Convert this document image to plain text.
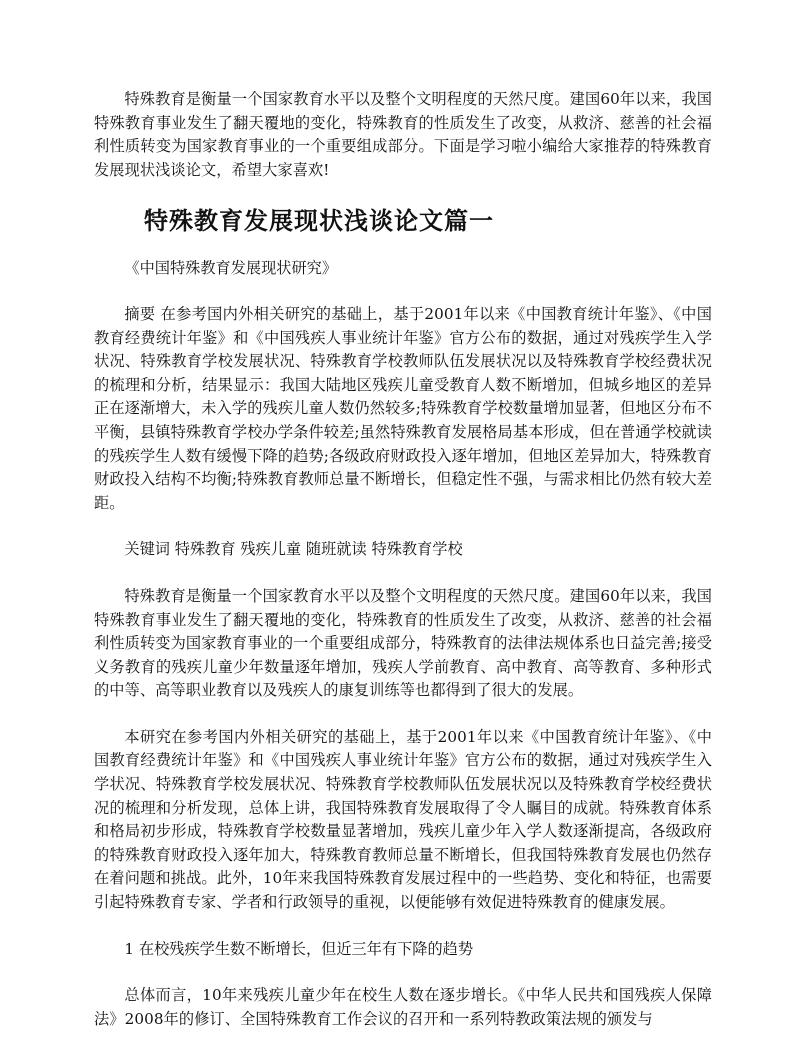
特殊教育是衡量一个国家教育水平以及整个文明程度的天然尺度。建国60年以来，我国特殊教育事业发生了翻天覆地的变化，特殊教育的性质发生了改变，从救济、慈善的社会福利性质转变为国家教育事业的一个重要组成部分。下面是学习啦小编给大家推荐的特殊教育发展现状浅谈论文，希望大家喜欢!

特殊教育发展现状浅谈论文篇一

《中国特殊教育发展现状研究》

摘要 在参考国内外相关研究的基础上，基于2001年以来《中国教育统计年鉴》、《中国教育经费统计年鉴》和《中国残疾人事业统计年鉴》官方公布的数据，通过对残疾学生入学状况、特殊教育学校发展状况、特殊教育学校教师队伍发展状况以及特殊教育学校经费状况的梳理和分析，结果显示：我国大陆地区残疾儿童受教育人数不断增加，但城乡地区的差异正在逐渐增大，未入学的残疾儿童人数仍然较多;特殊教育学校数量增加显著，但地区分布不平衡，县镇特殊教育学校办学条件较差;虽然特殊教育发展格局基本形成，但在普通学校就读的残疾学生人数有缓慢下降的趋势;各级政府财政投入逐年增加，但地区差异加大，特殊教育财政投入结构不均衡;特殊教育教师总量不断增长，但稳定性不强，与需求相比仍然有较大差距。

关键词 特殊教育 残疾儿童 随班就读 特殊教育学校

特殊教育是衡量一个国家教育水平以及整个文明程度的天然尺度。建国60年以来，我国特殊教育事业发生了翻天覆地的变化，特殊教育的性质发生了改变，从救济、慈善的社会福利性质转变为国家教育事业的一个重要组成部分，特殊教育的法律法规体系也日益完善;接受义务教育的残疾儿童少年数量逐年增加，残疾人学前教育、高中教育、高等教育、多种形式的中等、高等职业教育以及残疾人的康复训练等也都得到了很大的发展。

本研究在参考国内外相关研究的基础上，基于2001年以来《中国教育统计年鉴》、《中国教育经费统计年鉴》和《中国残疾人事业统计年鉴》官方公布的数据，通过对残疾学生入学状况、特殊教育学校发展状况、特殊教育学校教师队伍发展状况以及特殊教育学校经费状况的梳理和分析发现，总体上讲，我国特殊教育发展取得了令人瞩目的成就。特殊教育体系和格局初步形成，特殊教育学校数量显著增加，残疾儿童少年入学人数逐渐提高，各级政府的特殊教育财政投入逐年加大，特殊教育教师总量不断增长，但我国特殊教育发展也仍然存在着问题和挑战。此外，10年来我国特殊教育发展过程中的一些趋势、变化和特征，也需要引起特殊教育专家、学者和行政领导的重视，以便能够有效促进特殊教育的健康发展。

1 在校残疾学生数不断增长，但近三年有下降的趋势

总体而言，10年来残疾儿童少年在校生人数在逐步增长。《中华人民共和国残疾人保障法》2008年的修订、全国特殊教育工作会议的召开和一系列特教政策法规的颁发与
